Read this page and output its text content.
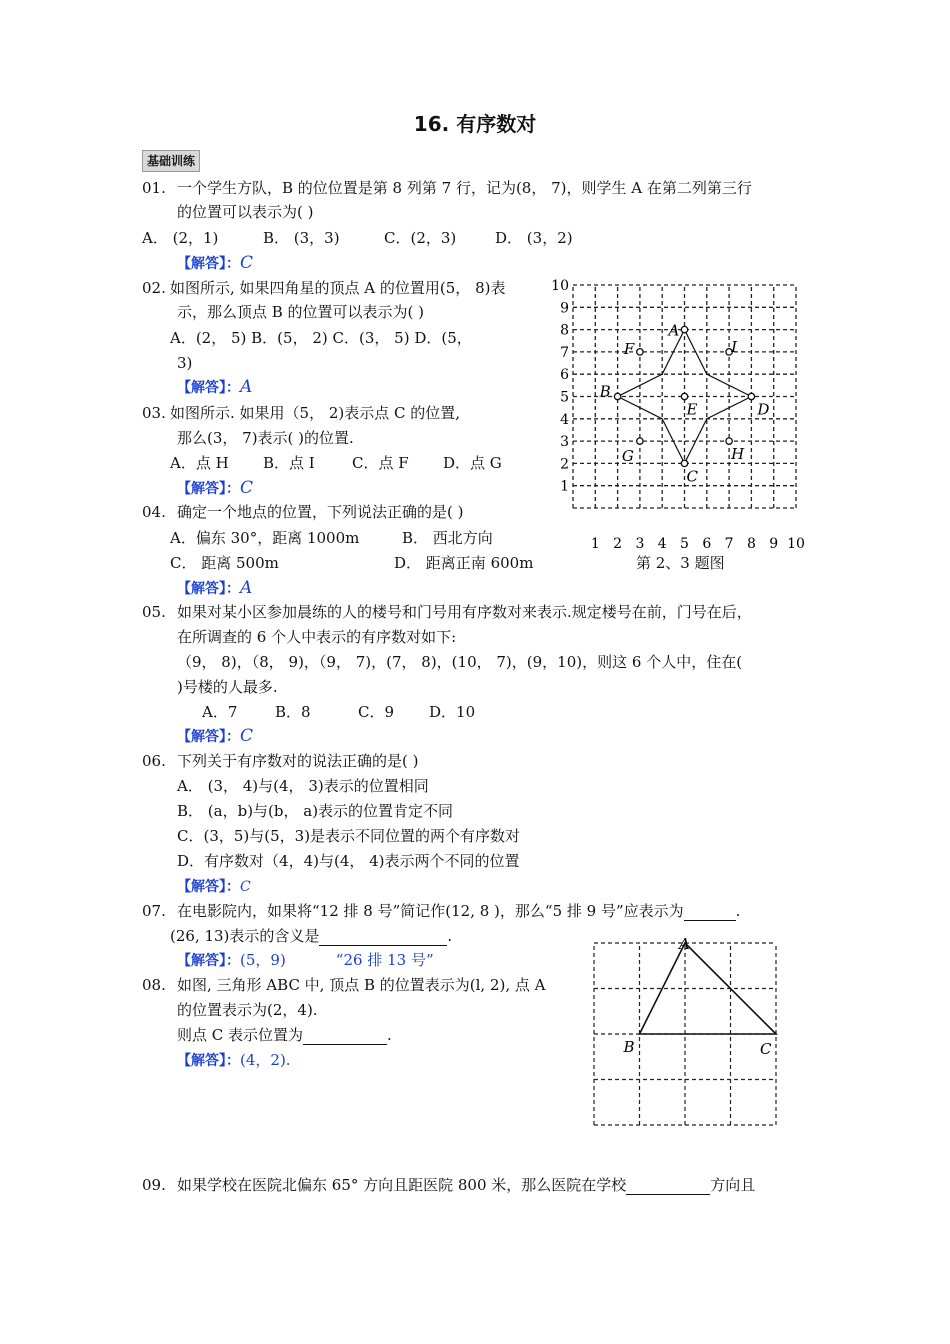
16. 有序数对
基础训练
01. 一个学生方队，B 的位位置是第 8 列第 7 行，记为(8， 7)，则学生 A 在第二列第三行
的位置可以表示为( )
A． (2，1)	B． (3，3)	C．(2，3)	D． (3，2)
【解答】：C
02. 如图所示, 如果四角星的顶点 A 的位置用(5， 8)表
示，那么顶点 B 的位置可以表示为( )
A．(2， 5) B．(5， 2) C．(3， 5) D．(5，
3)
【解答】：A
03. 如图所示. 如果用（5， 2)表示点 C 的位置,
那么(3， 7)表示( )的位置.
A．点 H B．点 I C．点 F D．点 G
【解答】：C
04. 确定一个地点的位置，下列说法正确的是( )
A．偏东 30°，距离 1000m	B． 西北方向
C． 距离 500m	D． 距离正南 600m
【解答】：A
1 2 3 4 5 6 7 8 9 10
1
2
3
4
5
6
7
8
9
10
A
B
C
D
E
F
G	H
I
第 2、3 题图
05. 如果对某小区参加晨练的人的楼号和门号用有序数对来表示.规定楼号在前，门号在后，
在所调查的 6 个人中表示的有序数对如下:
（9， 8)，（8， 9)，（9， 7)，(7， 8)，(10， 7)，(9，10)，则这 6 个人中，住在(
)号楼的人最多.
A．7	B．8	C．9 D．10
【解答】：C
06. 下列关于有序数对的说法正确的是( )
A． (3， 4)与(4， 3)表示的位置相同
B． (a，b)与(b， a)表示的位置肯定不同
C．(3，5)与(5，3)是表示不同位置的两个有序数对
D．有序数对（4，4)与(4， 4)表示两个不同的位置
【解答】：C
07. 在电影院内，如果将“12 排 8 号”简记作(12, 8 )，那么“5 排 9 号”应表示为	.
(26, 13)表示的含义是	.
【解答】：(5，9)	“26 排 13 号”
08. 如图, 三角形 ABC 中, 顶点 B 的位置表示为(l, 2), 点 A
的位置表示为(2，4).
则点 C 表示位置为	.
【解答】：(4，2).
A
B	C
09. 如果学校在医院北偏东 65° 方向且距医院 800 米，那么医院在学校	方向且
